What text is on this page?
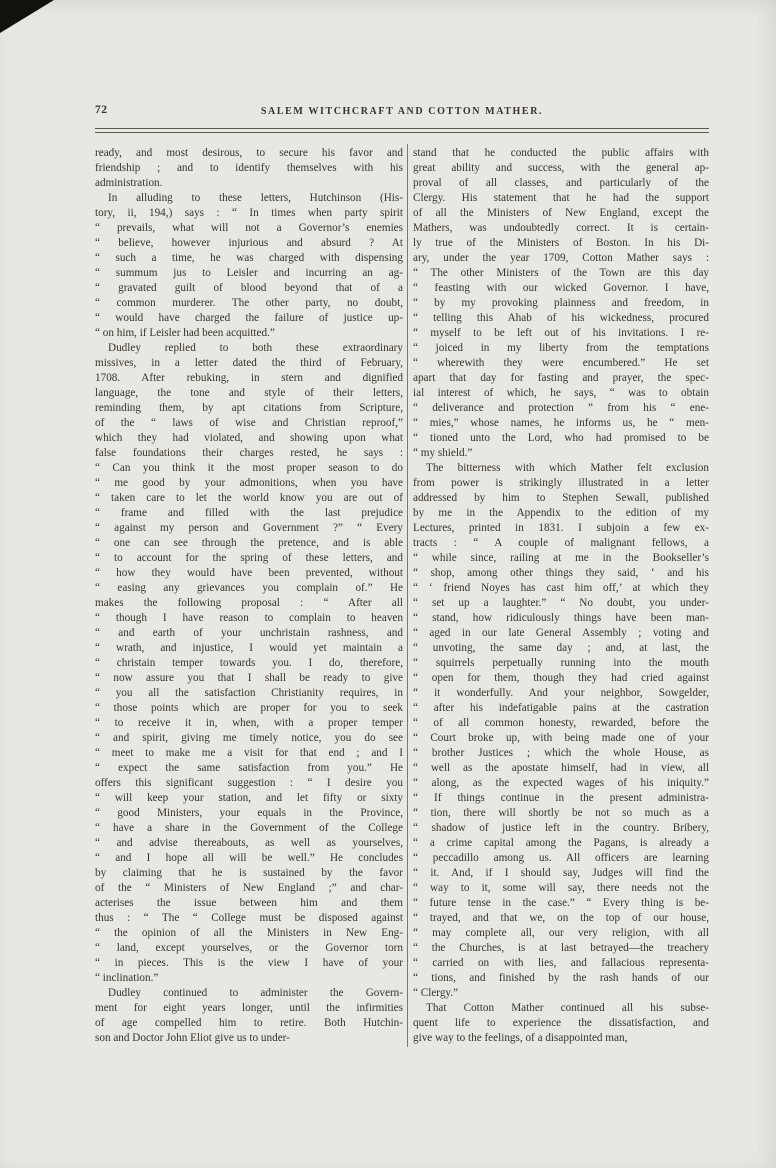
72	SALEM WITCHCRAFT AND COTTON MATHER.
ready, and most desirous, to secure his favor and
friendship ; and to identify themselves with his
administration.
In alluding to these letters, Hutchinson (His-
tory, ii, 194,) says : “ In times when party spirit
“ prevails, what will not a Governor’s enemies
“ believe, however injurious and absurd ? At
“ such a time, he was charged with dispensing
“ summum jus to Leisler and incurring an ag-
“ gravated guilt of blood beyond that of a
“ common murderer. The other party, no doubt,
“ would have charged the failure of justice up-
“ on him, if Leisler had been acquitted.”
Dudley replied to both these extraordinary
missives, in a letter dated the third of February,
1708. After rebuking, in stern and dignified
language, the tone and style of their letters,
reminding them, by apt citations from Scripture,
of the “ laws of wise and Christian reproof,”
which they had violated, and showing upon what
false foundations their charges rested, he says :
“ Can you think it the most proper season to do
“ me good by your admonitions, when you have
“ taken care to let the world know you are out of
“ frame and filled with the last prejudice
“ against my person and Government ?” “ Every
“ one can see through the pretence, and is able
“ to account for the spring of these letters, and
“ how they would have been prevented, without
“ easing any grievances you complain of.” He
makes the following proposal : “ After all
“ though I have reason to complain to heaven
“ and earth of your unchristain rashness, and
“ wrath, and injustice, I would yet maintain a
“ christain temper towards you. I do, therefore,
“ now assure you that I shall be ready to give
“ you all the satisfaction Christianity requires, in
“ those points which are proper for you to seek
“ to receive it in, when, with a proper temper
“ and spirit, giving me timely notice, you do see
“ meet to make me a visit for that end ; and I
“ expect the same satisfaction from you.” He
offers this significant suggestion : “ I desire you
“ will keep your station, and let fifty or sixty
“ good Ministers, your equals in the Province,
“ have a share in the Government of the College
“ and advise thereabouts, as well as yourselves,
“ and I hope all will be well.” He concludes
by claiming that he is sustained by the favor
of the “ Ministers of New England ;” and char-
acterises the issue between him and them
thus : “ The “ College must be disposed against
“ the opinion of all the Ministers in New Eng-
“ land, except yourselves, or the Governor torn
“ in pieces. This is the view I have of your
“ inclination.”
Dudley continued to administer the Govern-
ment for eight years longer, until the infirmities
of age compelled him to retire. Both Hutchin-
son and Doctor John Eliot give us to under-
stand that he conducted the public affairs with
great ability and success, with the general ap-
proval of all classes, and particularly of the
Clergy. His statement that he had the support
of all the Ministers of New England, except the
Mathers, was undoubtedly correct. It is certain-
ly true of the Ministers of Boston. In his Di-
ary, under the year 1709, Cotton Mather says :
“ The other Ministers of the Town are this day
“ feasting with our wicked Governor. I have,
“ by my provoking plainness and freedom, in
“ telling this Ahab of his wickedness, procured
“ myself to be left out of his invitations. I re-
“ joiced in my liberty from the temptations
“ wherewith they were encumbered.” He set
apart that day for fasting and prayer, the spec-
ial interest of which, he says, “ was to obtain
“ deliverance and protection ” from his “ ene-
“ mies,” whose names, he informs us, he “ men-
“ tioned unto the Lord, who had promised to be
“ my shield.”
The bitterness with which Mather felt exclusion
from power is strikingly illustrated in a letter
addressed by him to Stephen Sewall, published
by me in the Appendix to the edition of my
Lectures, printed in 1831. I subjoin a few ex-
tracts : “ A couple of malignant fellows, a
“ while since, railing at me in the Bookseller’s
“ shop, among other things they said, ‘ and his
“ ‘ friend Noyes has cast him off,’ at which they
“ set up a laughter.” “ No doubt, you under-
“ stand, how ridiculously things have been man-
“ aged in our late General Assembly ; voting and
“ unvoting, the same day ; and, at last, the
“ squirrels perpetually running into the mouth
“ open for them, though they had cried against
“ it wonderfully. And your neighbor, Sowgelder,
“ after his indefatigable pains at the castration
“ of all common honesty, rewarded, before the
“ Court broke up, with being made one of your
“ brother Justices ; which the whole House, as
“ well as the apostate himself, had in view, all
“ along, as the expected wages of his iniquity.”
“ If things continue in the present administra-
“ tion, there will shortly be not so much as a
“ shadow of justice left in the country. Bribery,
“ a crime capital among the Pagans, is already a
“ peccadillo among us. All officers are learning
“ it. And, if I should say, Judges will find the
“ way to it, some will say, there needs not the
“ future tense in the case.” “ Every thing is be-
“ trayed, and that we, on the top of our house,
“ may complete all, our very religion, with all
“ the Churches, is at last betrayed—the treachery
“ carried on with lies, and fallacious representa-
“ tions, and finished by the rash hands of our
“ Clergy.”
That Cotton Mather continued all his subse-
quent life to experience the dissatisfaction, and
give way to the feelings, of a disappointed man,
